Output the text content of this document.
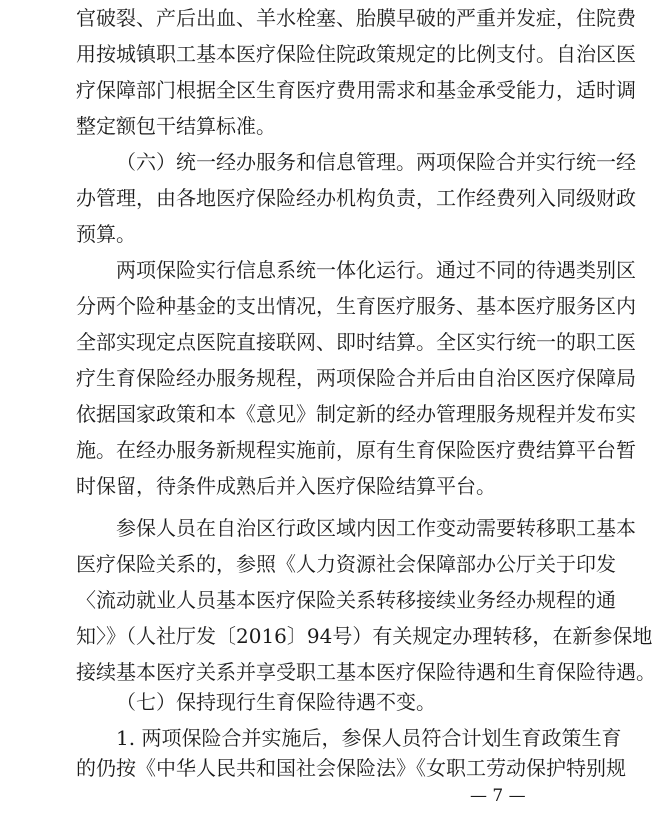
官破裂、产后出血、羊水栓塞、胎膜早破的严重并发症，住院费
用按城镇职工基本医疗保险住院政策规定的比例支付。自治区医
疗保障部门根据全区生育医疗费用需求和基金承受能力，适时调
整定额包干结算标准。
（六）统一经办服务和信息管理。两项保险合并实行统一经
办管理，由各地医疗保险经办机构负责，工作经费列入同级财政
预算。
两项保险实行信息系统一体化运行。通过不同的待遇类别区
分两个险种基金的支出情况，生育医疗服务、基本医疗服务区内
全部实现定点医院直接联网、即时结算。全区实行统一的职工医
疗生育保险经办服务规程，两项保险合并后由自治区医疗保障局
依据国家政策和本《意见》制定新的经办管理服务规程并发布实
施。在经办服务新规程实施前，原有生育保险医疗费结算平台暂
时保留，待条件成熟后并入医疗保险结算平台。
参保人员在自治区行政区域内因工作变动需要转移职工基本
医疗保险关系的，参照《人力资源社会保障部办公厅关于印发
〈流动就业人员基本医疗保险关系转移接续业务经办规程的通
知〉》（人社厅发〔2016〕94号）有关规定办理转移，在新参保地
接续基本医疗关系并享受职工基本医疗保险待遇和生育保险待遇。
（七）保持现行生育保险待遇不变。
1. 两项保险合并实施后，参保人员符合计划生育政策生育
的仍按《中华人民共和国社会保险法》《女职工劳动保护特别规
— 7 —
